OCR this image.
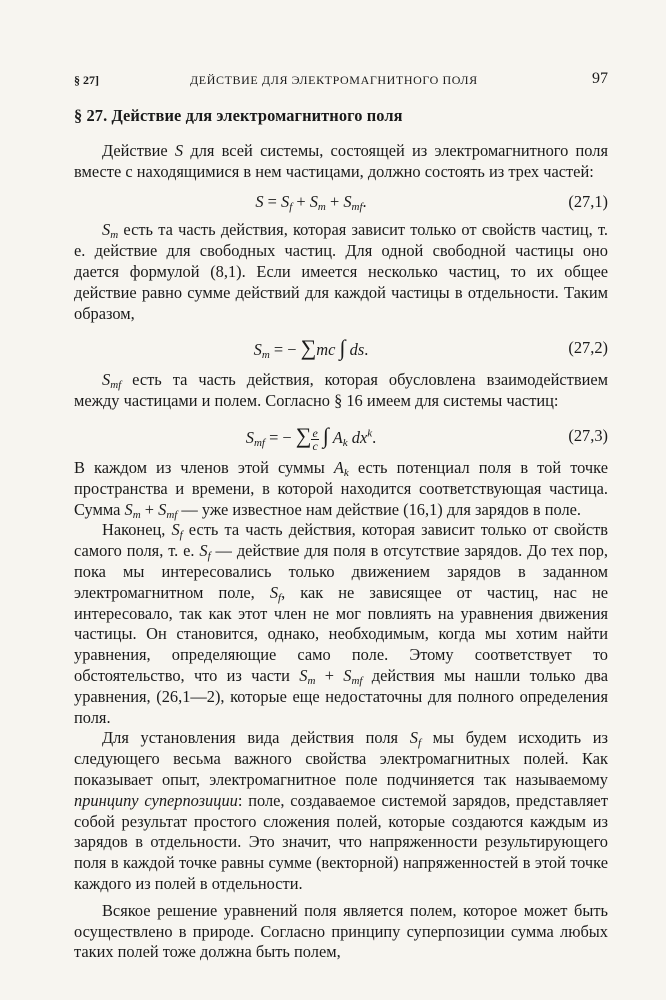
§ 27]	ДЕЙСТВИЕ ДЛЯ ЭЛЕКТРОМАГНИТНОГО ПОЛЯ	97
§ 27. Действие для электромагнитного поля

Действие S для всей системы, состоящей из электромагнитного поля вместе с находящимися в нем частицами, должно состоять из трех частей:

$S = S_f + S_m + S_{mf}$.	(27,1)

$S_m$ есть та часть действия, которая зависит только от свойств частиц, т. е. действие для свободных частиц. Для одной свободной частицы оно дается формулой (8,1). Если имеется несколько частиц, то их общее действие равно сумме действий для каждой частицы в отдельности. Таким образом,

$S_m$ = − ∑mc ∫ ds.	(27,2)

$S_{mf}$ есть та часть действия, которая обусловлена взаимодействием между частицами и полем. Согласно § 16 имеем для системы частиц:

$S_{mf}$ = − ∑ $\frac{e}{c}$ ∫ $A_k$ $dx^k$.	(27,3)

В каждом из членов этой суммы $A_k$ есть потенциал поля в той точке пространства и времени, в которой находится соответствующая частица. Сумма $S_m + S_{mf}$ — уже известное нам действие (16,1) для зарядов в поле.

Наконец, $S_f$ есть та часть действия, которая зависит только от свойств самого поля, т. е. $S_f$ — действие для поля в отсутствие зарядов. До тех пор, пока мы интересовались только движением зарядов в заданном электромагнитном поле, $S_f$, как не зависящее от частиц, нас не интересовало, так как этот член не мог повлиять на уравнения движения частицы. Он становится, однако, необходимым, когда мы хотим найти уравнения, определяющие само поле. Этому соответствует то обстоятельство, что из части $S_m + S_{mf}$ действия мы нашли только два уравнения, (26,1—2), которые еще недостаточны для полного определения поля.

Для установления вида действия поля $S_f$ мы будем исходить из следующего весьма важного свойства электромагнитных полей. Как показывает опыт, электромагнитное поле подчиняется так называемому принципу суперпозиции: поле, создаваемое системой зарядов, представляет собой результат простого сложения полей, которые создаются каждым из зарядов в отдельности. Это значит, что напряженности результирующего поля в каждой точке равны сумме (векторной) напряженностей в этой точке каждого из полей в отдельности.

Всякое решение уравнений поля является полем, которое может быть осуществлено в природе. Согласно принципу суперпозиции сумма любых таких полей тоже должна быть полем,
